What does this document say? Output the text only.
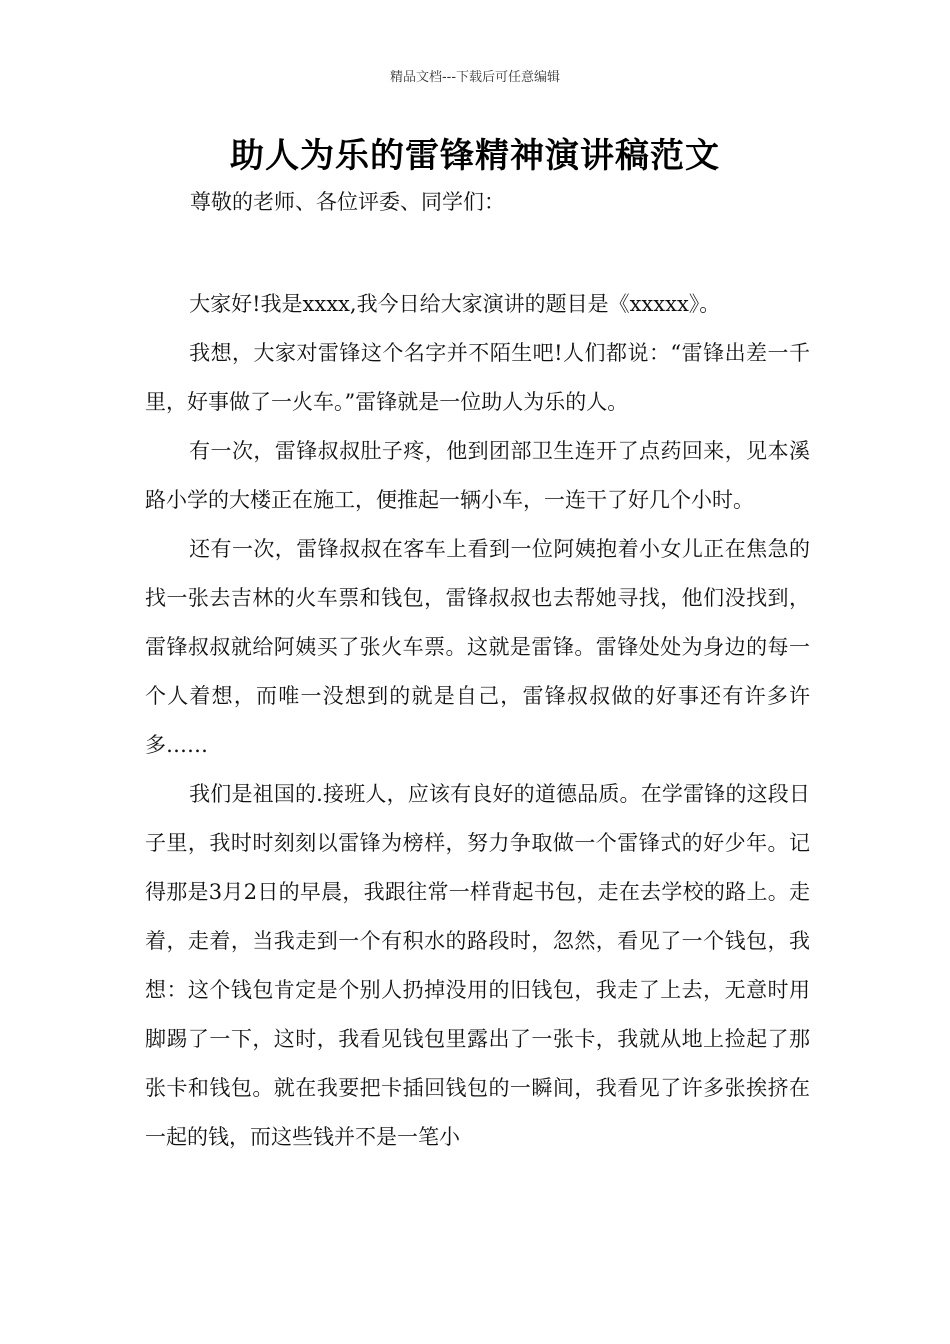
精品文档---下载后可任意编辑
助人为乐的雷锋精神演讲稿范文
尊敬的老师、各位评委、同学们：

大家好!我是xxxx,我今日给大家演讲的题目是《xxxxx》。

我想，大家对雷锋这个名字并不陌生吧!人们都说：“雷锋出差一千里，好事做了一火车。”雷锋就是一位助人为乐的人。

有一次，雷锋叔叔肚子疼，他到团部卫生连开了点药回来，见本溪路小学的大楼正在施工，便推起一辆小车，一连干了好几个小时。

还有一次，雷锋叔叔在客车上看到一位阿姨抱着小女儿正在焦急的找一张去吉林的火车票和钱包，雷锋叔叔也去帮她寻找，他们没找到，雷锋叔叔就给阿姨买了张火车票。这就是雷锋。雷锋处处为身边的每一个人着想，而唯一没想到的就是自己，雷锋叔叔做的好事还有许多许多……

我们是祖国的.接班人，应该有良好的道德品质。在学雷锋的这段日子里，我时时刻刻以雷锋为榜样，努力争取做一个雷锋式的好少年。记得那是3月2日的早晨，我跟往常一样背起书包，走在去学校的路上。走着，走着，当我走到一个有积水的路段时，忽然，看见了一个钱包，我想：这个钱包肯定是个别人扔掉没用的旧钱包，我走了上去，无意时用脚踢了一下，这时，我看见钱包里露出了一张卡，我就从地上捡起了那张卡和钱包。就在我要把卡插回钱包的一瞬间，我看见了许多张挨挤在一起的钱，而这些钱并不是一笔小
